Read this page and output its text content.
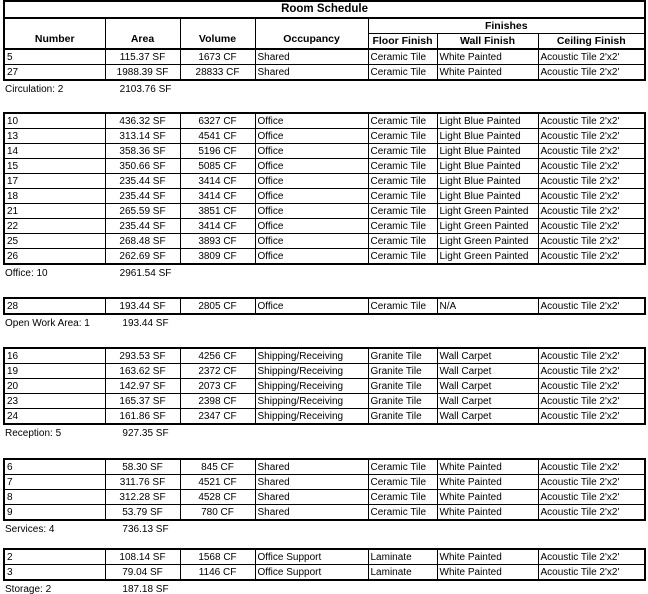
Room Schedule						
Number	Area	Volume	Occupancy	Finishes		
				Floor Finish	Wall Finish	Ceiling Finish
5	115.37 SF	1673 CF	Shared	Ceramic Tile	White Painted	Acoustic Tile 2'x2'
27	1988.39 SF	28833 CF	Shared	Ceramic Tile	White Painted	Acoustic Tile 2'x2'
Circulation: 2	2103.76 SF
10	436.32 SF	6327 CF	Office	Ceramic Tile	Light Blue Painted	Acoustic Tile 2'x2'
13	313.14 SF	4541 CF	Office	Ceramic Tile	Light Blue Painted	Acoustic Tile 2'x2'
14	358.36 SF	5196 CF	Office	Ceramic Tile	Light Blue Painted	Acoustic Tile 2'x2'
15	350.66 SF	5085 CF	Office	Ceramic Tile	Light Blue Painted	Acoustic Tile 2'x2'
17	235.44 SF	3414 CF	Office	Ceramic Tile	Light Blue Painted	Acoustic Tile 2'x2'
18	235.44 SF	3414 CF	Office	Ceramic Tile	Light Blue Painted	Acoustic Tile 2'x2'
21	265.59 SF	3851 CF	Office	Ceramic Tile	Light Green Painted	Acoustic Tile 2'x2'
22	235.44 SF	3414 CF	Office	Ceramic Tile	Light Green Painted	Acoustic Tile 2'x2'
25	268.48 SF	3893 CF	Office	Ceramic Tile	Light Green Painted	Acoustic Tile 2'x2'
26	262.69 SF	3809 CF	Office	Ceramic Tile	Light Green Painted	Acoustic Tile 2'x2'
Office: 10	2961.54 SF
28	193.44 SF	2805 CF	Office	Ceramic Tile	N/A	Acoustic Tile 2'x2'
Open Work Area: 1	193.44 SF
16	293.53 SF	4256 CF	Shipping/Receiving	Granite Tile	Wall Carpet	Acoustic Tile 2'x2'
19	163.62 SF	2372 CF	Shipping/Receiving	Granite Tile	Wall Carpet	Acoustic Tile 2'x2'
20	142.97 SF	2073 CF	Shipping/Receiving	Granite Tile	Wall Carpet	Acoustic Tile 2'x2'
23	165.37 SF	2398 CF	Shipping/Receiving	Granite Tile	Wall Carpet	Acoustic Tile 2'x2'
24	161.86 SF	2347 CF	Shipping/Receiving	Granite Tile	Wall Carpet	Acoustic Tile 2'x2'
Reception: 5	927.35 SF
6	58.30 SF	845 CF	Shared	Ceramic Tile	White Painted	Acoustic Tile 2'x2'
7	311.76 SF	4521 CF	Shared	Ceramic Tile	White Painted	Acoustic Tile 2'x2'
8	312.28 SF	4528 CF	Shared	Ceramic Tile	White Painted	Acoustic Tile 2'x2'
9	53.79 SF	780 CF	Shared	Ceramic Tile	White Painted	Acoustic Tile 2'x2'
Services: 4	736.13 SF
2	108.14 SF	1568 CF	Office Support	Laminate	White Painted	Acoustic Tile 2'x2'
3	79.04 SF	1146 CF	Office Support	Laminate	White Painted	Acoustic Tile 2'x2'
Storage: 2	187.18 SF
